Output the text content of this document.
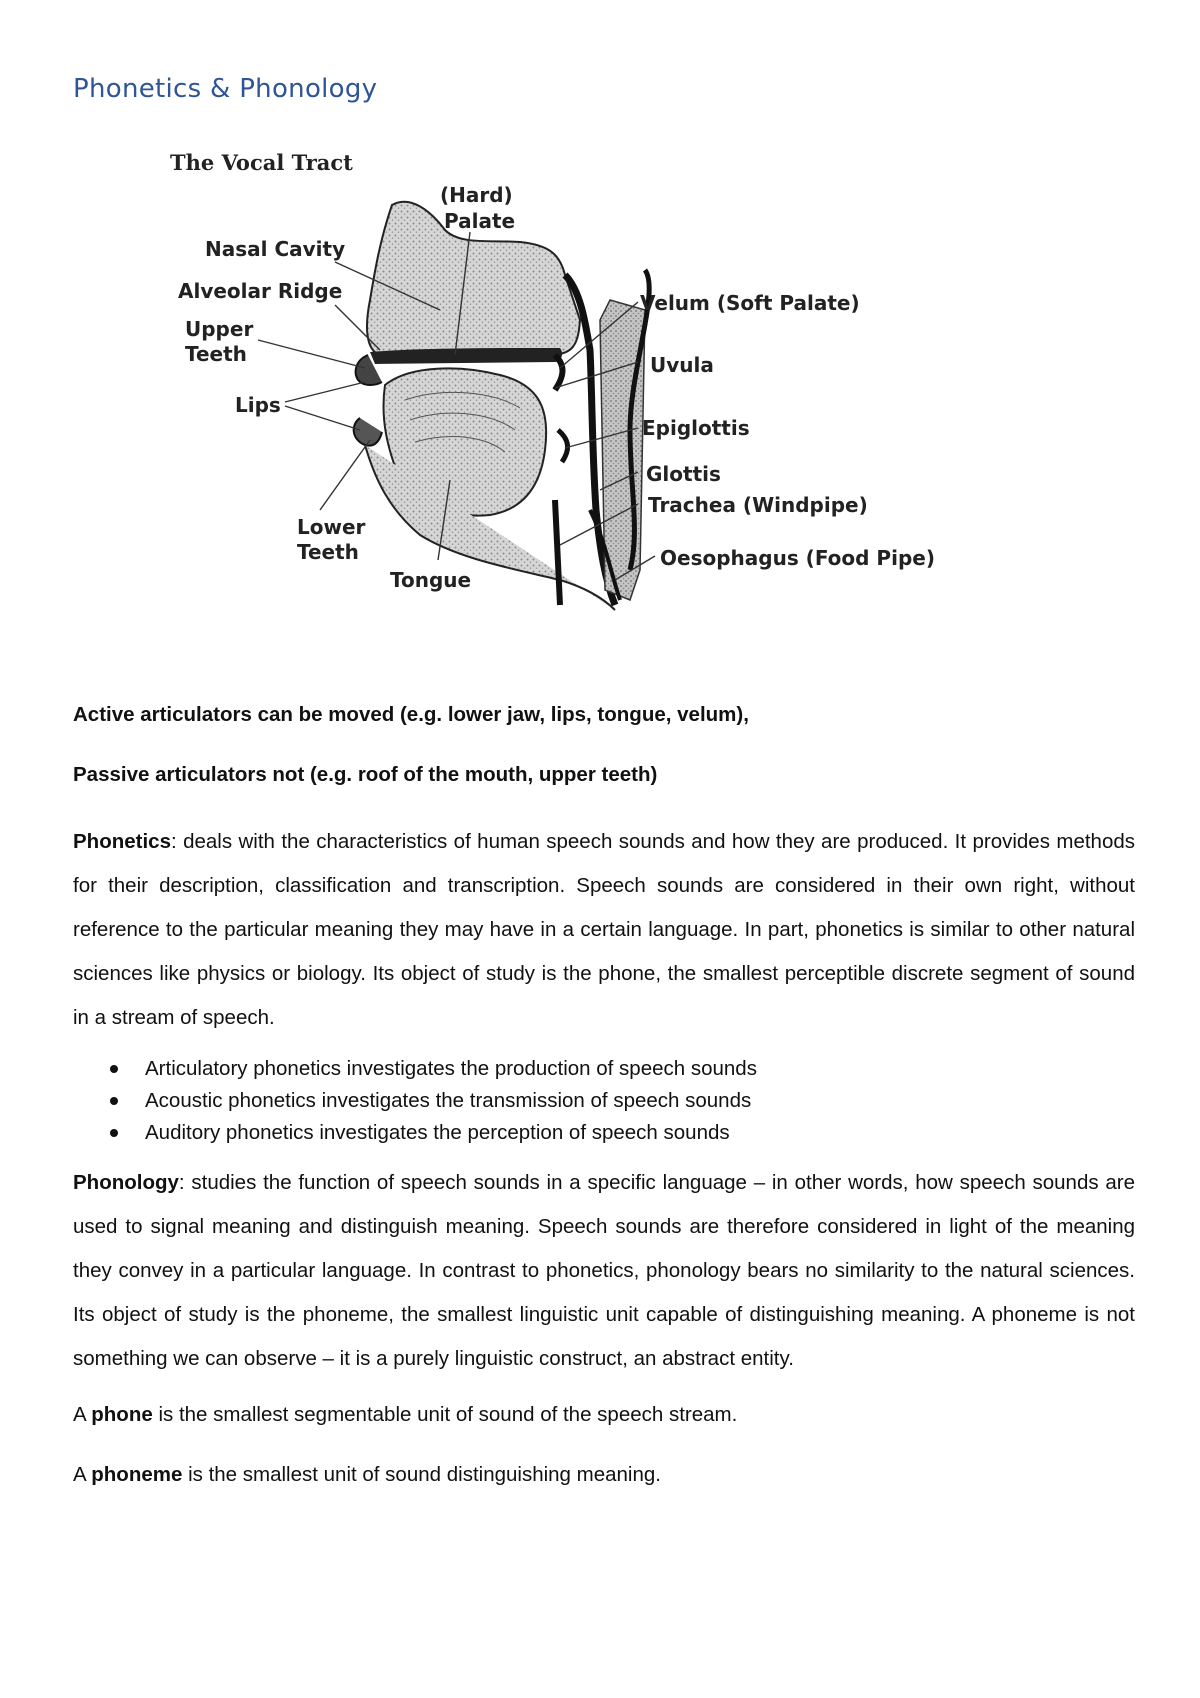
Phonetics & Phonology
The Vocal Tract
(Hard)
Palate
Nasal Cavity
Alveolar Ridge
Upper
Teeth
Lips
Lower
Teeth
Tongue
Velum (Soft Palate)
Uvula
Epiglottis
Glottis
Trachea (Windpipe)
Oesophagus (Food Pipe)

Active articulators can be moved (e.g. lower jaw, lips, tongue, velum),

Passive articulators not (e.g. roof of the mouth, upper teeth)

Phonetics: deals with the characteristics of human speech sounds and how they are produced. It provides methods for their description, classification and transcription. Speech sounds are considered in their own right, without reference to the particular meaning they may have in a certain language. In part, phonetics is similar to other natural sciences like physics or biology. Its object of study is the phone, the smallest perceptible discrete segment of sound in a stream of speech.

Articulatory phonetics investigates the production of speech sounds
Acoustic phonetics investigates the transmission of speech sounds
Auditory phonetics investigates the perception of speech sounds

Phonology: studies the function of speech sounds in a specific language – in other words, how speech sounds are used to signal meaning and distinguish meaning. Speech sounds are therefore considered in light of the meaning they convey in a particular language. In contrast to phonetics, phonology bears no similarity to the natural sciences. Its object of study is the phoneme, the smallest linguistic unit capable of distinguishing meaning. A phoneme is not something we can observe – it is a purely linguistic construct, an abstract entity.

A phone is the smallest segmentable unit of sound of the speech stream.

A phoneme is the smallest unit of sound distinguishing meaning.
